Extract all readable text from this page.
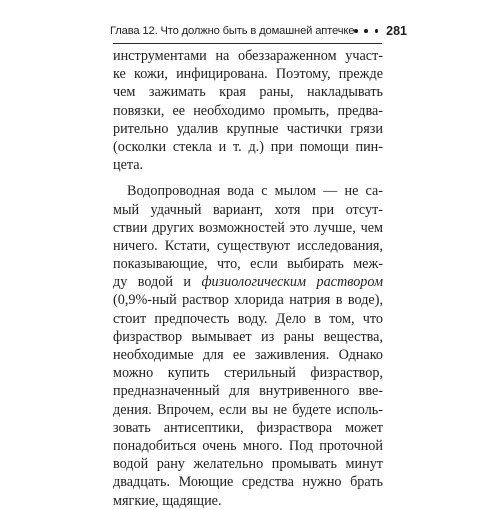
Глава 12. Что должно быть в домашней аптечке	281
инструментами на обеззараженном участ-
ке кожи, инфицирована. Поэтому, прежде
чем зажимать края раны, накладывать
повязки, ее необходимо промыть, предва-
рительно удалив крупные частички грязи
(осколки стекла и т. д.) при помощи пин-
цета.
Водопроводная вода с мылом — не са-
мый удачный вариант, хотя при отсут-
ствии других возможностей это лучше, чем
ничего. Кстати, существуют исследования,
показывающие, что, если выбирать меж-
ду водой и физиологическим раствором
(0,9%-ный раствор хлорида натрия в воде),
стоит предпочесть воду. Дело в том, что
физраствор вымывает из раны вещества,
необходимые для ее заживления. Однако
можно купить стерильный физраствор,
предназначенный для внутривенного вве-
дения. Впрочем, если вы не будете исполь-
зовать антисептики, физраствора может
понадобиться очень много. Под проточной
водой рану желательно промывать минут
двадцать. Моющие средства нужно брать
мягкие, щадящие.
